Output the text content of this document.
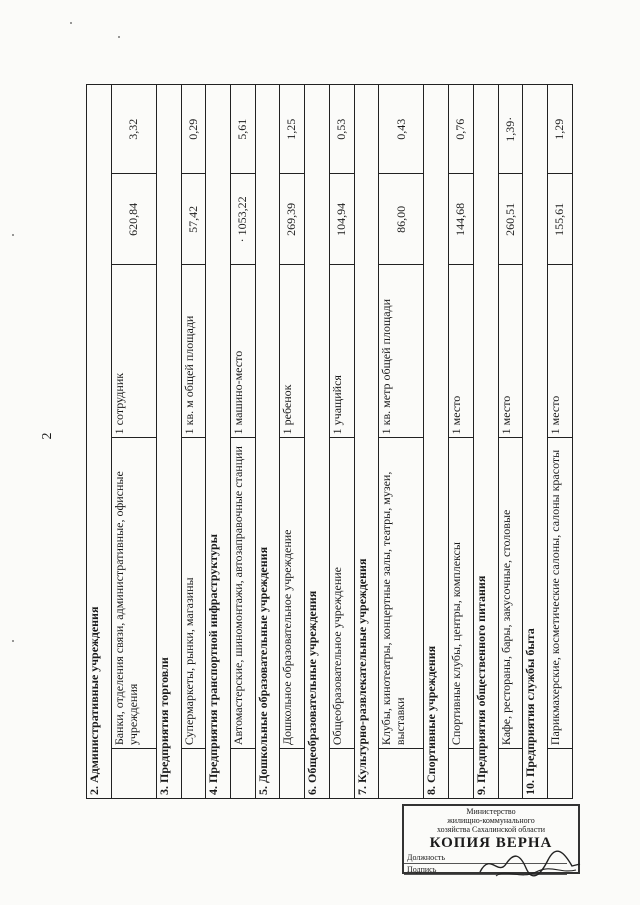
2
2. Административные учреждения				
	Банки, отделения связи, административные, офисные учреждения	1 сотрудник	620,84	3,32
3. Предприятия торговли				
	Супермаркеты, рынки, магазины	1 кв. м общей площади	57,42	0,29
4. Предприятия транспортной инфраструктуры				
	Автомастерские, шиномонтажи, автозаправочные станции	1 машино-место	· 1053,22	5,61
5. Дошкольные образовательные учреждения				
	Дошкольное образовательное учреждение	1 ребенок	269,39	1,25
6. Общеобразовательные учреждения				
	Общеобразовательное учреждение	1 учащийся	104,94	0,53
7. Культурно-развлекательные учреждения				
	Клубы, кинотеатры, концертные залы, театры, музеи, выставки	1 кв. метр общей площади	86,00	0,43
8. Спортивные учреждения				
	Спортивные клубы, центры, комплексы	1 место	144,68	0,76
9. Предприятия общественного питания				
	Кафе, рестораны, бары, закусочные, столовые	1 место	260,51	1,39·
10. Предприятия службы быта				
	Парикмахерские, косметические салоны, салоны красоты	1 место	155,61	1,29
Министерство
жилищно-коммунального
хозяйства Сахалинской области
КОПИЯ ВЕРНА
Должность
Подпись
